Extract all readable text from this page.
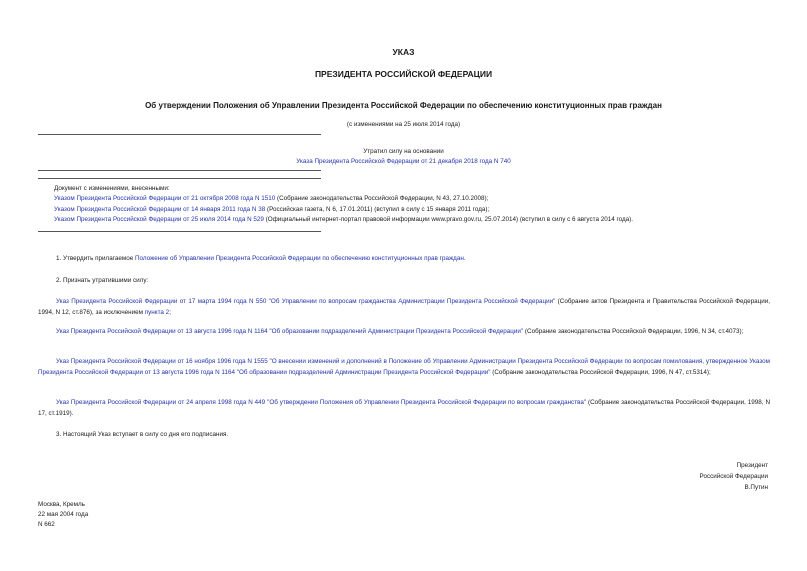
УКАЗ
ПРЕЗИДЕНТА РОССИЙСКОЙ ФЕДЕРАЦИИ
Об утверждении Положения об Управлении Президента Российской Федерации по обеспечению конституционных прав граждан
(с изменениями на 25 июля 2014 года)
Утратил силу на основании
Указа Президента Российской Федерации от 21 декабря 2018 года N 740
Документ с изменениями, внесенными:
Указом Президента Российской Федерации от 21 октября 2008 года N 1510 (Собрание законодательства Российской Федерации, N 43, 27.10.2008);
Указом Президента Российской Федерации от 14 января 2011 года N 38 (Российская газета, N 6, 17.01.2011) (вступил в силу с 15 января 2011 года);
Указом Президента Российской Федерации от 25 июля 2014 года N 529 (Официальный интернет-портал правовой информации www.pravo.gov.ru, 25.07.2014) (вступил в силу с 6 августа 2014 года).
1. Утвердить прилагаемое Положение об Управлении Президента Российской Федерации по обеспечению конституционных прав граждан.
2. Признать утратившими силу:
Указ Президента Российской Федерации от 17 марта 1994 года N 550 "Об Управлении по вопросам гражданства Администрации Президента Российской Федерации" (Собрание актов Президента и Правительства Российской Федерации, 1994, N 12, ст.876), за исключением пункта 2;
Указ Президента Российской Федерации от 13 августа 1996 года N 1164 "Об образовании подразделений Администрации Президента Российской Федерации" (Собрание законодательства Российской Федерации, 1996, N 34, ст.4073);
Указ Президента Российской Федерации от 16 ноября 1996 года N 1555 "О внесении изменений и дополнений в Положение об Управлении Администрации Президента Российской Федерации по вопросам помилования, утвержденное Указом Президента Российской Федерации от 13 августа 1996 года N 1164 "Об образовании подразделений Администрации Президента Российской Федерации" (Собрание законодательства Российской Федерации, 1996, N 47, ст.5314);
Указ Президента Российской Федерации от 24 апреля 1998 года N 449 "Об утверждении Положения об Управлении Президента Российской Федерации по вопросам гражданства" (Собрание законодательства Российской Федерации, 1998, N 17, ст.1919).
3. Настоящий Указ вступает в силу со дня его подписания.
Президент
Российской Федерации
В.Путин
Москва, Кремль
22 мая 2004 года
N 662
